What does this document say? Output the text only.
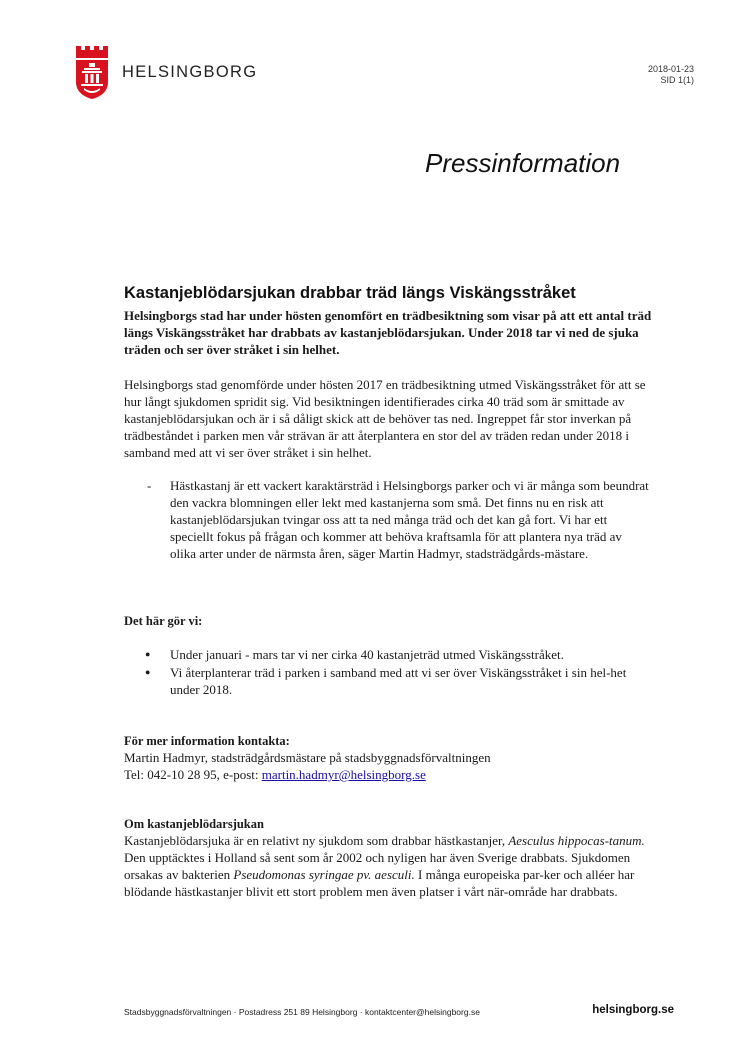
HELSINGBORG	2018-01-23
SID 1(1)
Pressinformation
Kastanjeblödarsjukan drabbar träd längs Viskängsstråket
Helsingborgs stad har under hösten genomfört en trädbesiktning som visar på att ett antal träd längs Viskängsstråket har drabbats av kastanjeblödarsjukan. Under 2018 tar vi ned de sjuka träden och ser över stråket i sin helhet.
Helsingborgs stad genomförde under hösten 2017 en trädbesiktning utmed Viskängsstråket för att se hur långt sjukdomen spridit sig. Vid besiktningen identifierades cirka 40 träd som är smittade av kastanjeblödarsjukan och är i så dåligt skick att de behöver tas ned. Ingreppet får stor inverkan på trädbeståndet i parken men vår strävan är att återplantera en stor del av träden redan under 2018 i samband med att vi ser över stråket i sin helhet.
- Hästkastanj är ett vackert karaktärsträd i Helsingborgs parker och vi är många som beundrat den vackra blomningen eller lekt med kastanjerna som små. Det finns nu en risk att kastanjeblödarsjukan tvingar oss att ta ned många träd och det kan gå fort. Vi har ett speciellt fokus på frågan och kommer att behöva kraftsamla för att plantera nya träd av olika arter under de närmsta åren, säger Martin Hadmyr, stadsträdgårds-mästare.
Det här gör vi:
● Under januari - mars tar vi ner cirka 40 kastanjeträd utmed Viskängsstråket.
● Vi återplanterar träd i parken i samband med att vi ser över Viskängsstråket i sin hel-het under 2018.
För mer information kontakta:
Martin Hadmyr, stadsträdgårdsmästare på stadsbyggnadsförvaltningen
Tel: 042-10 28 95, e-post: martin.hadmyr@helsingborg.se
Om kastanjeblödarsjukan
Kastanjeblödarsjuka är en relativt ny sjukdom som drabbar hästkastanjer, Aesculus hippocas-tanum. Den upptäcktes i Holland så sent som år 2002 och nyligen har även Sverige drabbats. Sjukdomen orsakas av bakterien Pseudomonas syringae pv. aesculi. I många europeiska par-ker och alléer har blödande hästkastanjer blivit ett stort problem men även platser i vårt när-område har drabbats.
Stadsbyggnadsförvaltningen · Postadress 251 89 Helsingborg · kontaktcenter@helsingborg.se	helsingborg.se
